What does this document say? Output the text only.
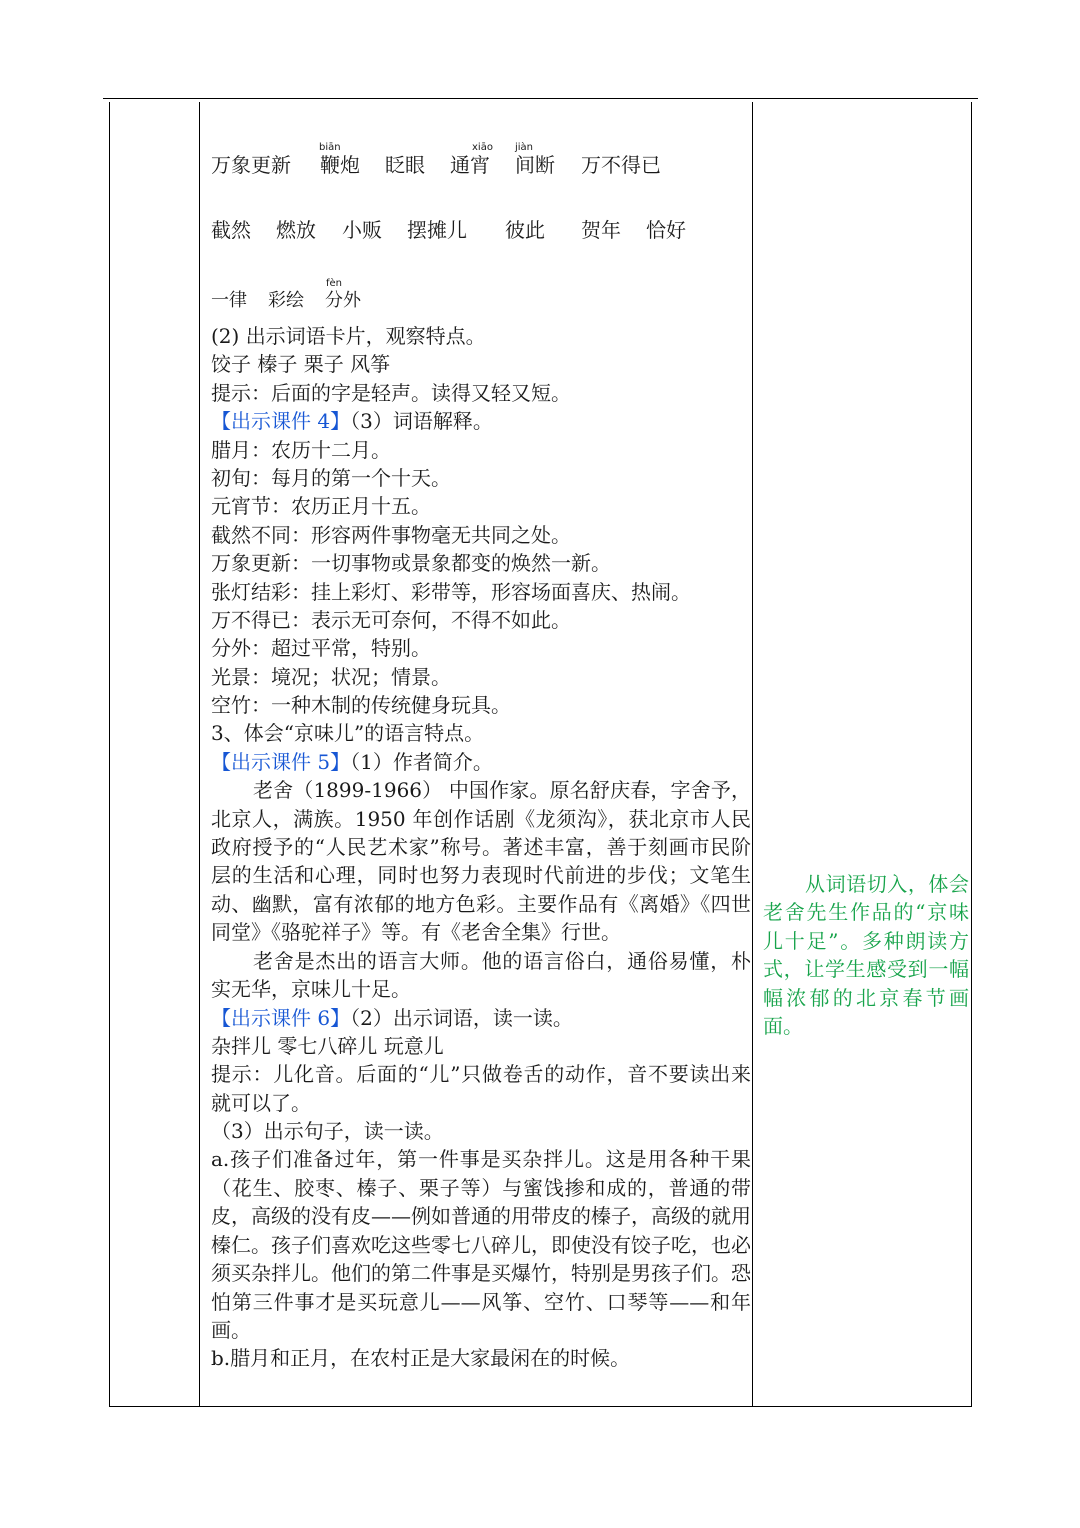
万象更新 鞭炮 眨眼 通宵 间断 万不得已
biān	xiāo jiàn
截然 燃放 小贩 摆摊儿 彼此 贺年 恰好
一律 彩绘 分外
fèn
(2) 出示词语卡片，观察特点。
饺子 榛子 栗子 风筝
提示：后面的字是轻声。读得又轻又短。
【出示课件 4】（3）词语解释。
腊月：农历十二月。
初旬：每月的第一个十天。
元宵节：农历正月十五。
截然不同：形容两件事物毫无共同之处。
万象更新：一切事物或景象都变的焕然一新。
张灯结彩：挂上彩灯、彩带等，形容场面喜庆、热闹。
万不得已：表示无可奈何，不得不如此。
分外：超过平常，特别。
光景：境况；状况；情景。
空竹：一种木制的传统健身玩具。
3、体会“京味儿”的语言特点。
【出示课件 5】（1）作者简介。
老舍（1899-1966） 中国作家。原名舒庆春，字舍予，北京人，满族。1950 年创作话剧《龙须沟》，获北京市人民政府授予的“人民艺术家”称号。著述丰富，善于刻画市民阶层的生活和心理，同时也努力表现时代前进的步伐；文笔生动、幽默，富有浓郁的地方色彩。主要作品有《离婚》《四世同堂》《骆驼祥子》等。有《老舍全集》行世。
老舍是杰出的语言大师。他的语言俗白，通俗易懂，朴实无华，京味儿十足。
【出示课件 6】（2）出示词语，读一读。
杂拌儿 零七八碎儿 玩意儿
提示：儿化音。后面的“儿”只做卷舌的动作，音不要读出来就可以了。
（3）出示句子，读一读。
a.孩子们准备过年，第一件事是买杂拌儿。这是用各种干果（花生、胶枣、榛子、栗子等）与蜜饯掺和成的，普通的带皮，高级的没有皮——例如普通的用带皮的榛子，高级的就用榛仁。孩子们喜欢吃这些零七八碎儿，即使没有饺子吃，也必须买杂拌儿。他们的第二件事是买爆竹，特别是男孩子们。恐怕第三件事才是买玩意儿——风筝、空竹、口琴等——和年画。
b.腊月和正月，在农村正是大家最闲在的时候。
从词语切入，体会老舍先生作品的“京味儿十足”。多种朗读方式，让学生感受到一幅幅浓郁的北京春节画面。
